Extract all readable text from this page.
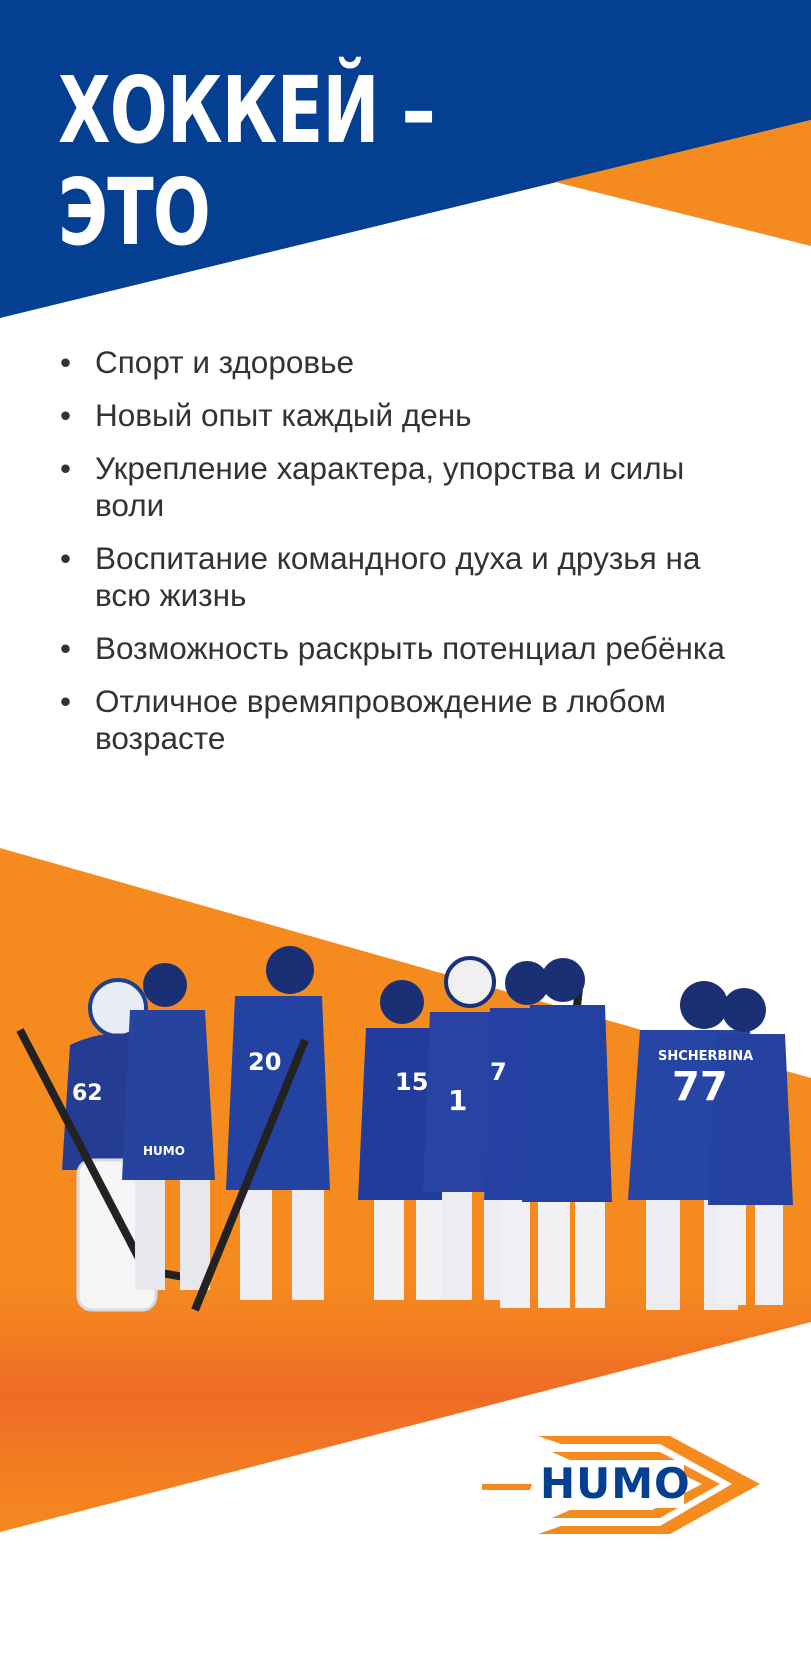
ХОККЕЙ –
ЭТО
• Спорт и здоровье
• Новый опыт каждый день
• Укрепление характера, упорства и силы воли
• Воспитание командного духа и друзья на всю жизнь
• Возможность раскрыть потенциал ребёнка
• Отличное времяпровождение в любом возрасте
62
20
15
1
7	77
SHCHERBINA
HUMO
HUMO
